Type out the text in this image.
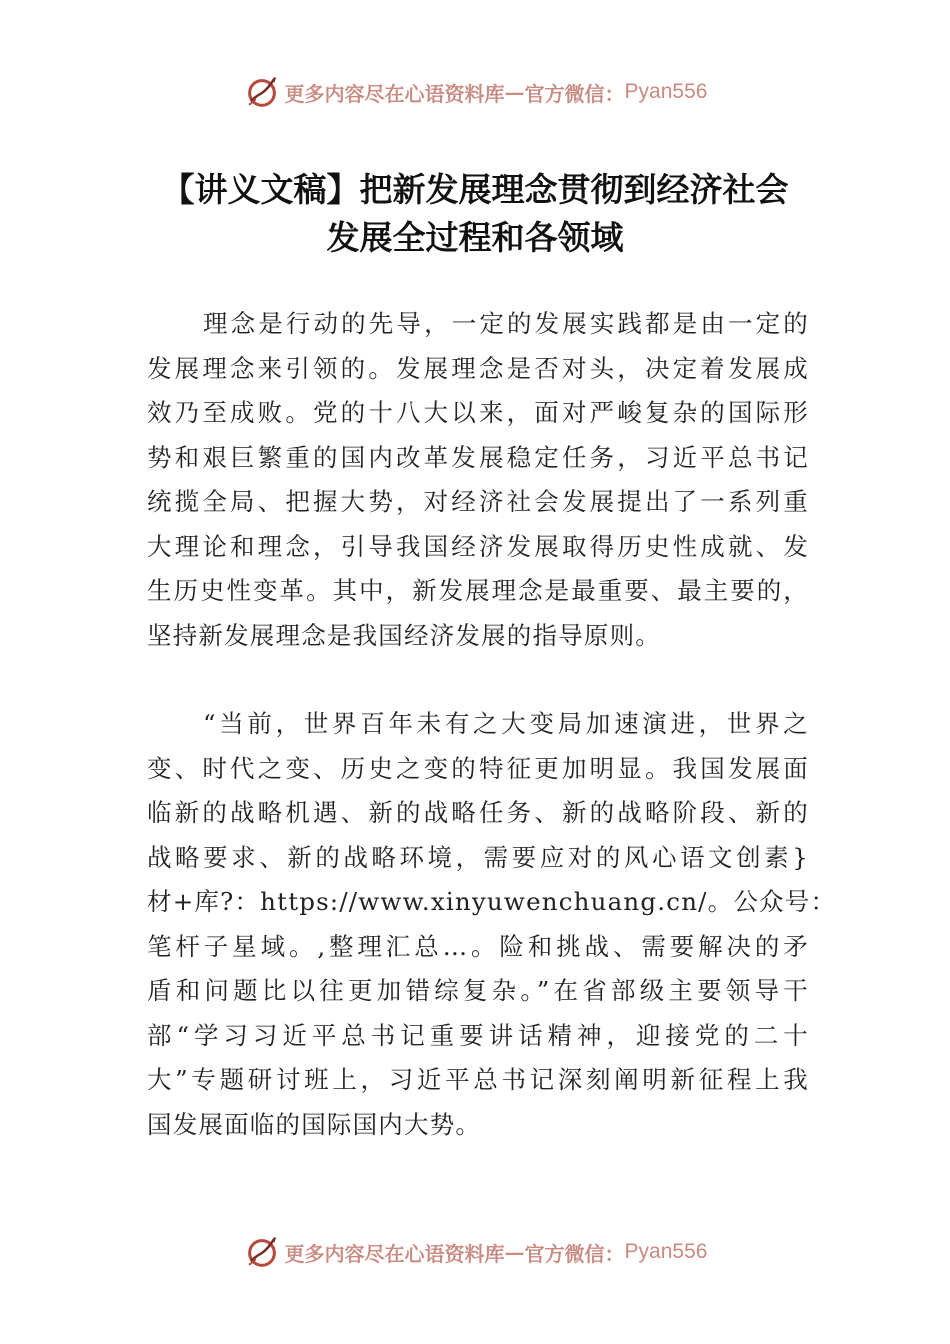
更多内容尽在心语资料库 — 官方微信： Pyan556
【讲义文稿】把新发展理念贯彻到经济社会
发展全过程和各领域
理念是行动的先导，一定的发展实践都是由一定的
发展理念来引领的。发展理念是否对头，决定着发展成
效乃至成败。党的十八大以来，面对严峻复杂的国际形
势和艰巨繁重的国内改革发展稳定任务，习近平总书记
统揽全局、把握大势，对经济社会发展提出了一系列重
大理论和理念，引导我国经济发展取得历史性成就、发
生历史性变革。其中，新发展理念是最重要、最主要的，
坚持新发展理念是我国经济发展的指导原则。
“当前，世界百年未有之大变局加速演进，世界之
变、时代之变、历史之变的特征更加明显。我国发展面
临新的战略机遇、新的战略任务、新的战略阶段、新的
战略要求、新的战略环境，需要应对的风心语文创素}
材+库?：https://www.xinyuwenchuang.cn/。公众号：
笔杆子星域。,整理汇总…。险和挑战、需要解决的矛
盾和问题比以往更加错综复杂。”在省部级主要领导干
部“学习习近平总书记重要讲话精神，迎接党的二十
大”专题研讨班上，习近平总书记深刻阐明新征程上我
国发展面临的国际国内大势。
更多内容尽在心语资料库 — 官方微信： Pyan556
